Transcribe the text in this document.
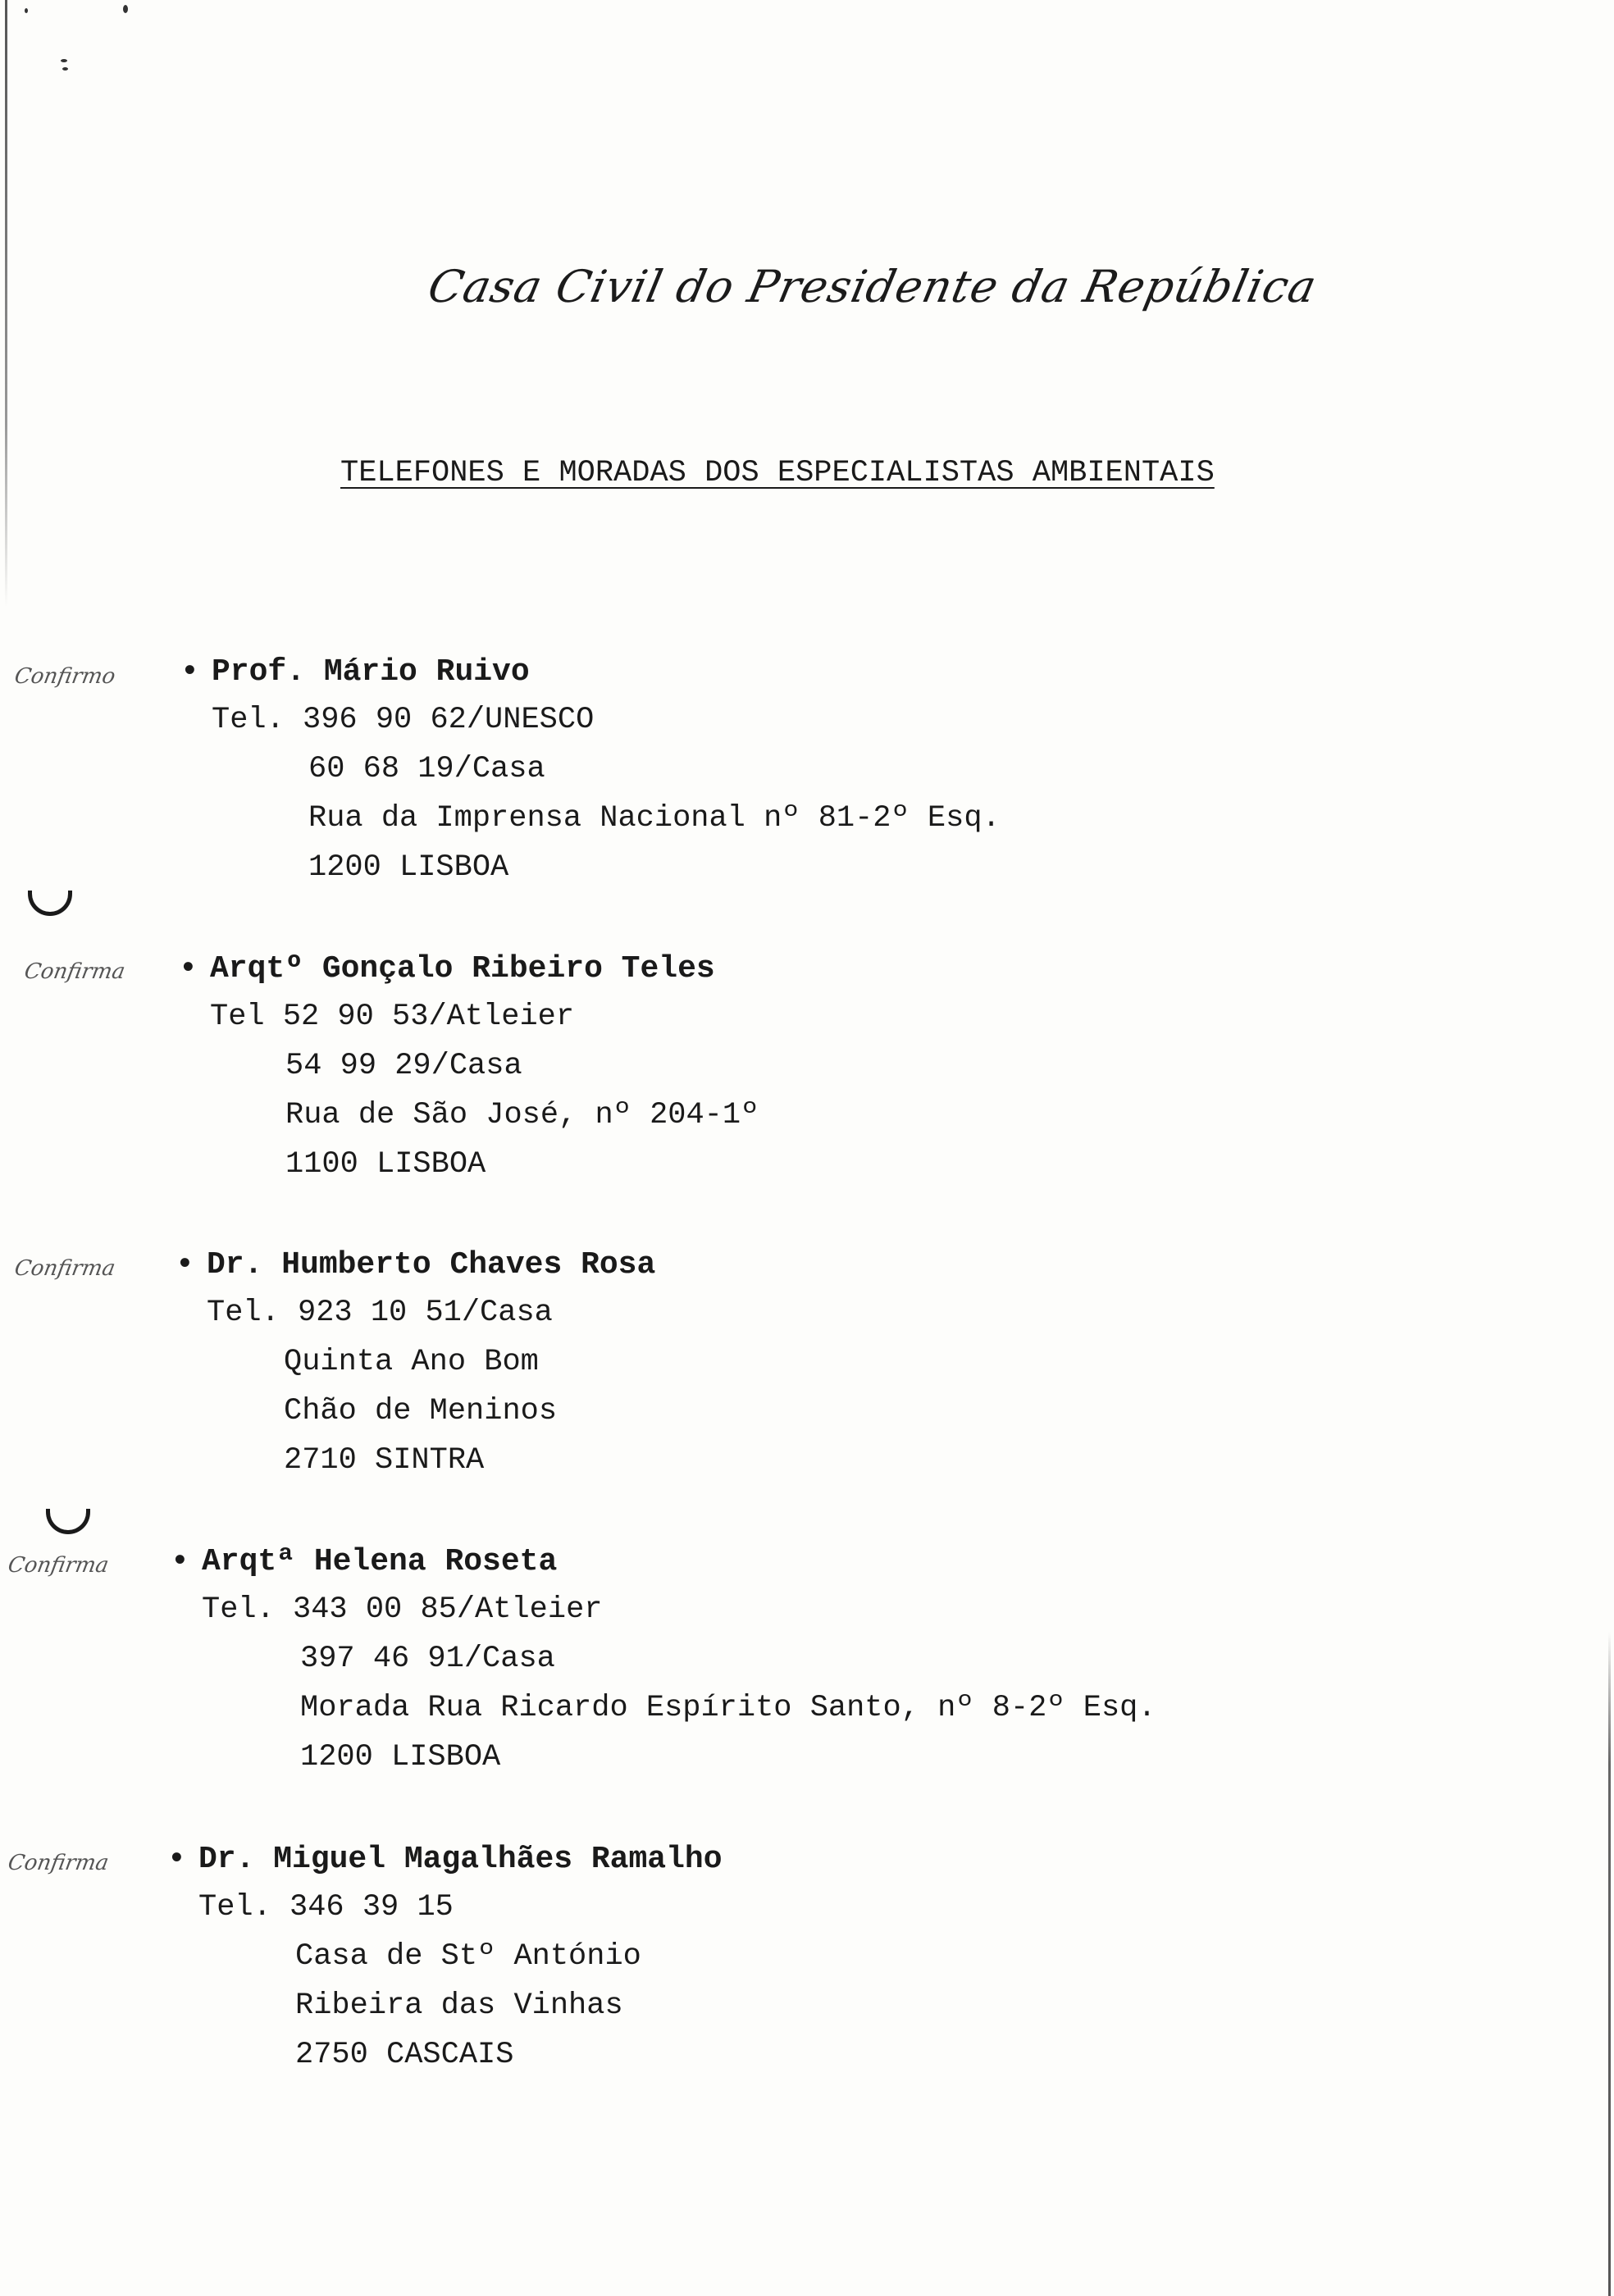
Casa Civil do Presidente da República
TELEFONES E MORADAS DOS ESPECIALISTAS AMBIENTAIS
Confirmo • Prof. Mário Ruivo
Tel. 396 90 62/UNESCO
60 68 19/Casa
Rua da Imprensa Nacional nº 81-2º Esq.
1200 LISBOA
Confirma • Arqtº Gonçalo Ribeiro Teles
Tel 52 90 53/Atleier
54 99 29/Casa
Rua de São José, nº 204-1º
1100 LISBOA
Confirma • Dr. Humberto Chaves Rosa
Tel. 923 10 51/Casa
Quinta Ano Bom
Chão de Meninos
2710 SINTRA
Confirma • Arqtª Helena Roseta
Tel. 343 00 85/Atleier
397 46 91/Casa
Morada Rua Ricardo Espírito Santo, nº 8-2º Esq.
1200 LISBOA
Confirma • Dr. Miguel Magalhães Ramalho
Tel. 346 39 15
Casa de Stº António
Ribeira das Vinhas
2750 CASCAIS
